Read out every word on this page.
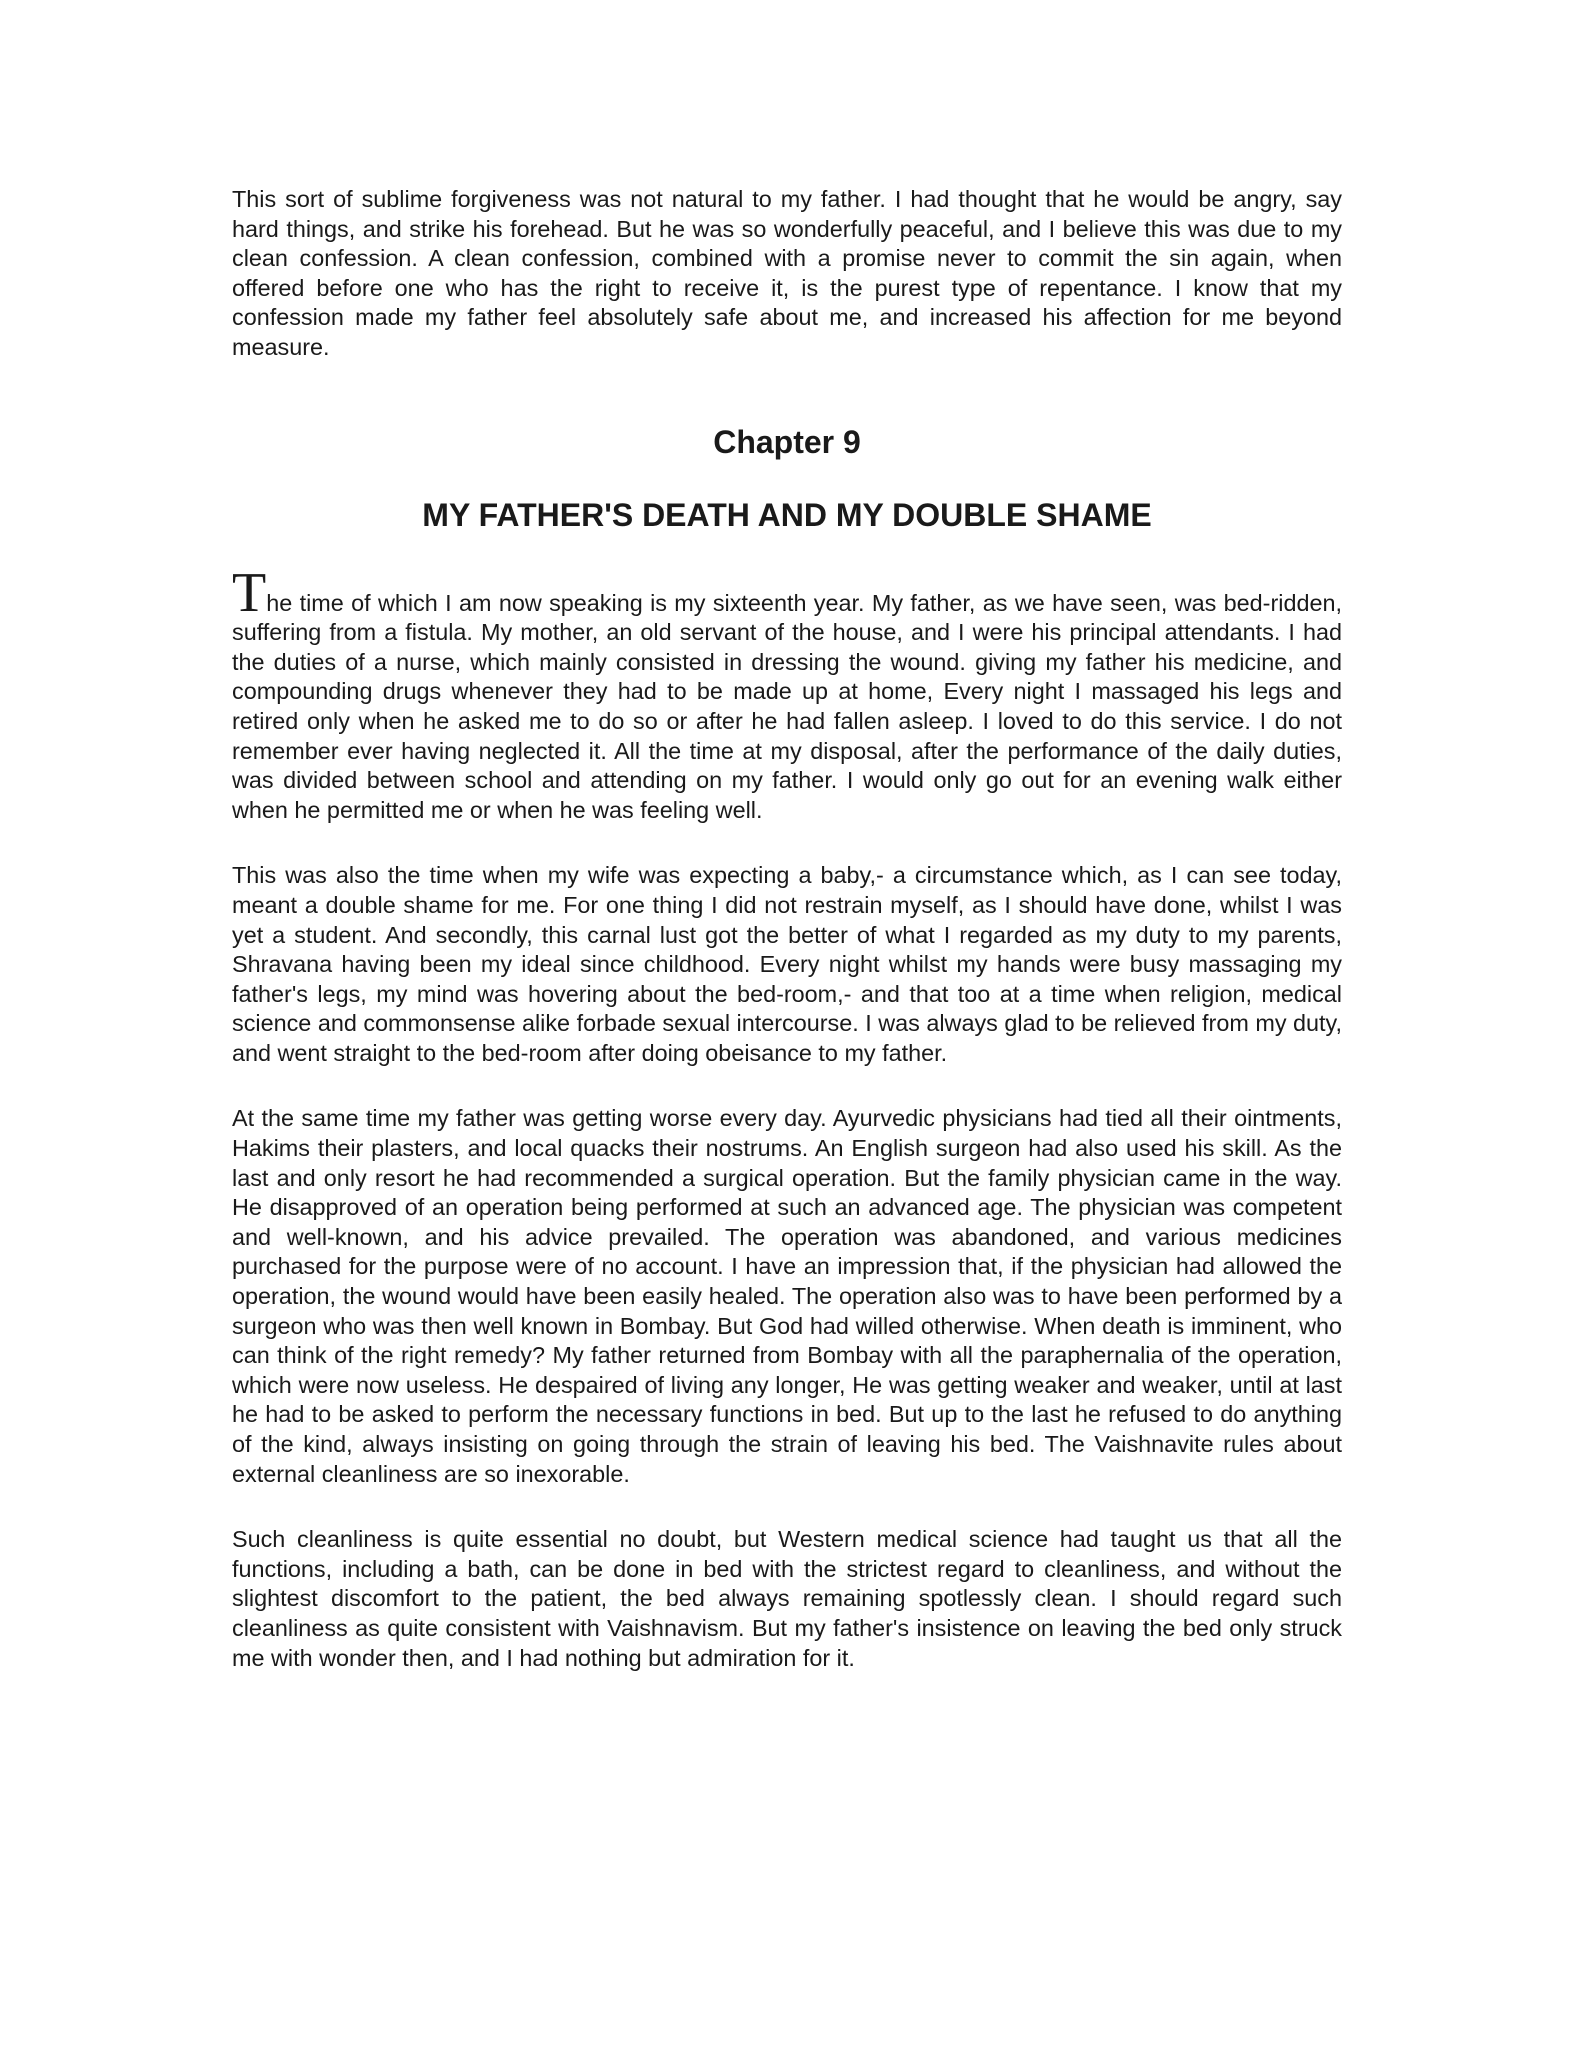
This sort of sublime forgiveness was not natural to my father. I had thought that he would be angry, say hard things, and strike his forehead. But he was so wonderfully peaceful, and I believe this was due to my clean confession. A clean confession, combined with a promise never to commit the sin again, when offered before one who has the right to receive it, is the purest type of repentance. I know that my confession made my father feel absolutely safe about me, and increased his affection for me beyond measure.

Chapter 9
MY FATHER'S DEATH AND MY DOUBLE SHAME

The time of which I am now speaking is my sixteenth year. My father, as we have seen, was bed-ridden, suffering from a fistula. My mother, an old servant of the house, and I were his principal attendants. I had the duties of a nurse, which mainly consisted in dressing the wound. giving my father his medicine, and compounding drugs whenever they had to be made up at home, Every night I massaged his legs and retired only when he asked me to do so or after he had fallen asleep. I loved to do this service. I do not remember ever having neglected it. All the time at my disposal, after the performance of the daily duties, was divided between school and attending on my father. I would only go out for an evening walk either when he permitted me or when he was feeling well.

This was also the time when my wife was expecting a baby,- a circumstance which, as I can see today, meant a double shame for me. For one thing I did not restrain myself, as I should have done, whilst I was yet a student. And secondly, this carnal lust got the better of what I regarded as my duty to my parents, Shravana having been my ideal since childhood. Every night whilst my hands were busy massaging my father's legs, my mind was hovering about the bed-room,- and that too at a time when religion, medical science and commonsense alike forbade sexual intercourse. I was always glad to be relieved from my duty, and went straight to the bed-room after doing obeisance to my father.

At the same time my father was getting worse every day. Ayurvedic physicians had tied all their ointments, Hakims their plasters, and local quacks their nostrums. An English surgeon had also used his skill. As the last and only resort he had recommended a surgical operation. But the family physician came in the way. He disapproved of an operation being performed at such an advanced age. The physician was competent and well-known, and his advice prevailed. The operation was abandoned, and various medicines purchased for the purpose were of no account. I have an impression that, if the physician had allowed the operation, the wound would have been easily healed. The operation also was to have been performed by a surgeon who was then well known in Bombay. But God had willed otherwise. When death is imminent, who can think of the right remedy? My father returned from Bombay with all the paraphernalia of the operation, which were now useless. He despaired of living any longer, He was getting weaker and weaker, until at last he had to be asked to perform the necessary functions in bed. But up to the last he refused to do anything of the kind, always insisting on going through the strain of leaving his bed. The Vaishnavite rules about external cleanliness are so inexorable.

Such cleanliness is quite essential no doubt, but Western medical science had taught us that all the functions, including a bath, can be done in bed with the strictest regard to cleanliness, and without the slightest discomfort to the patient, the bed always remaining spotlessly clean. I should regard such cleanliness as quite consistent with Vaishnavism. But my father's insistence on leaving the bed only struck me with wonder then, and I had nothing but admiration for it.
